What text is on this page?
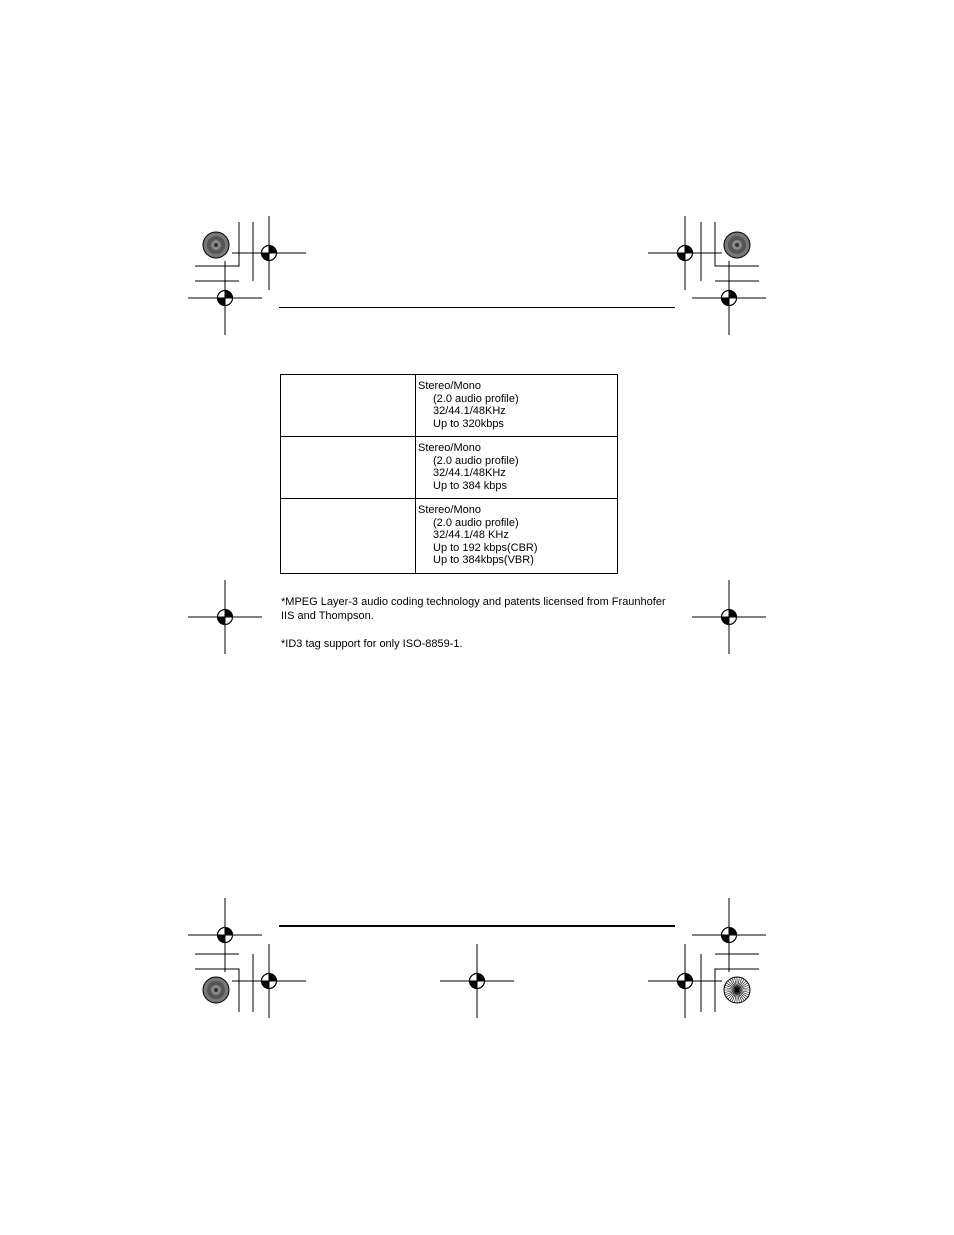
	Stereo/Mono
(2.0 audio profile)
32/44.1/48KHz
Up to 320kbps

	Stereo/Mono
(2.0 audio profile)
32/44.1/48KHz
Up to 384 kbps

	Stereo/Mono
(2.0 audio profile)
32/44.1/48 KHz
Up to 192 kbps(CBR)
Up to 384kbps(VBR)

*MPEG Layer-3 audio coding technology and patents licensed from Fraunhofer IIS and Thompson.

*ID3 tag support for only ISO-8859-1.
